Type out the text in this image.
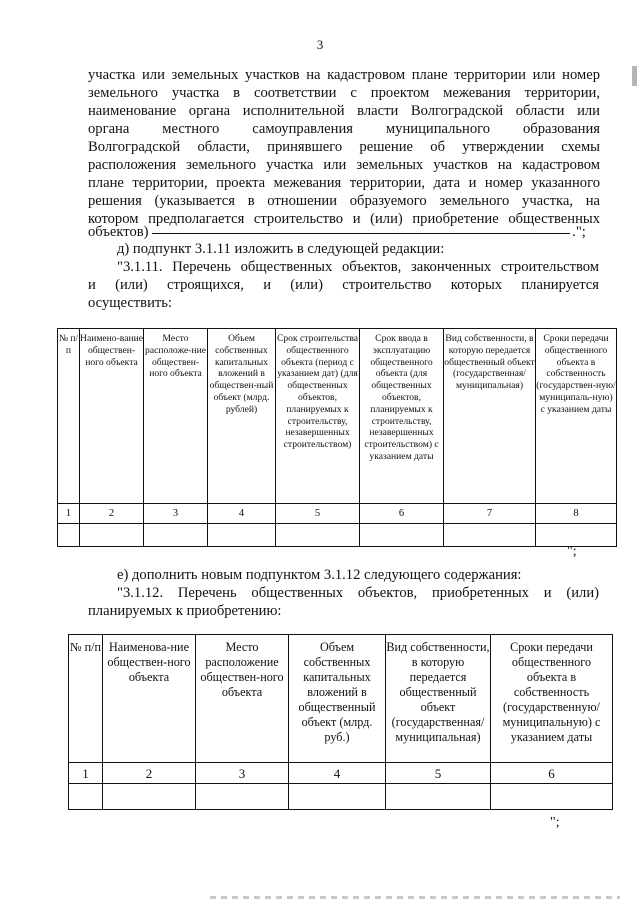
3

участка или земельных участков на кадастровом плане территории или номер

земельного участка в соответствии с проектом межевания территории,

наименование органа исполнительной власти Волгоградской области или

органа местного самоуправления муниципального образования

Волгоградской области, принявшего решение об утверждении схемы

расположения земельного участка или земельных участков на кадастровом

плане территории, проекта межевания территории, дата и номер указанного

решения (указывается в отношении образуемого земельного участка, на

котором предполагается строительство и (или) приобретение общественных

объектов)	.";

д) подпункт 3.1.11 изложить в следующей редакции:

"3.1.11. Перечень общественных объектов, законченных строительством

и (или) строящихся, и (или) строительство которых планируется

осуществить:

№ п/п	Наимено-вание обществен-ного объекта	Место расположе-ние обществен-ного объекта	Объем собственных капитальных вложений в обществен-ный объект (млрд. рублей)	Срок строительства общественного объекта (период с указанием дат) (для общественных объектов, планируемых к строительству, незавершенных строительством)	Срок ввода в эксплуатацию общественного объекта (для общественных объектов, планируемых к строительству, незавершенных строительством) с указанием даты	Вид собственности, в которую передается общественный объект (государственная/ муниципальная)	Сроки передачи общественного объекта в собственность (государствен-ную/ муниципаль-ную) с указанием даты
1	2	3	4	5	6	7	8

";

е) дополнить новым подпунктом 3.1.12 следующего содержания:

"3.1.12. Перечень общественных объектов, приобретенных и (или)

планируемых к приобретению:

№ п/п	Наименова-ние обществен-ного объекта	Место расположение обществен-ного объекта	Объем собственных капитальных вложений в общественный объект (млрд. руб.)	Вид собственности, в которую передается общественный объект (государственная/ муниципальная)	Сроки передачи общественного объекта в собственность (государственную/ муниципальную) с указанием даты
1	2	3	4	5	6

";
